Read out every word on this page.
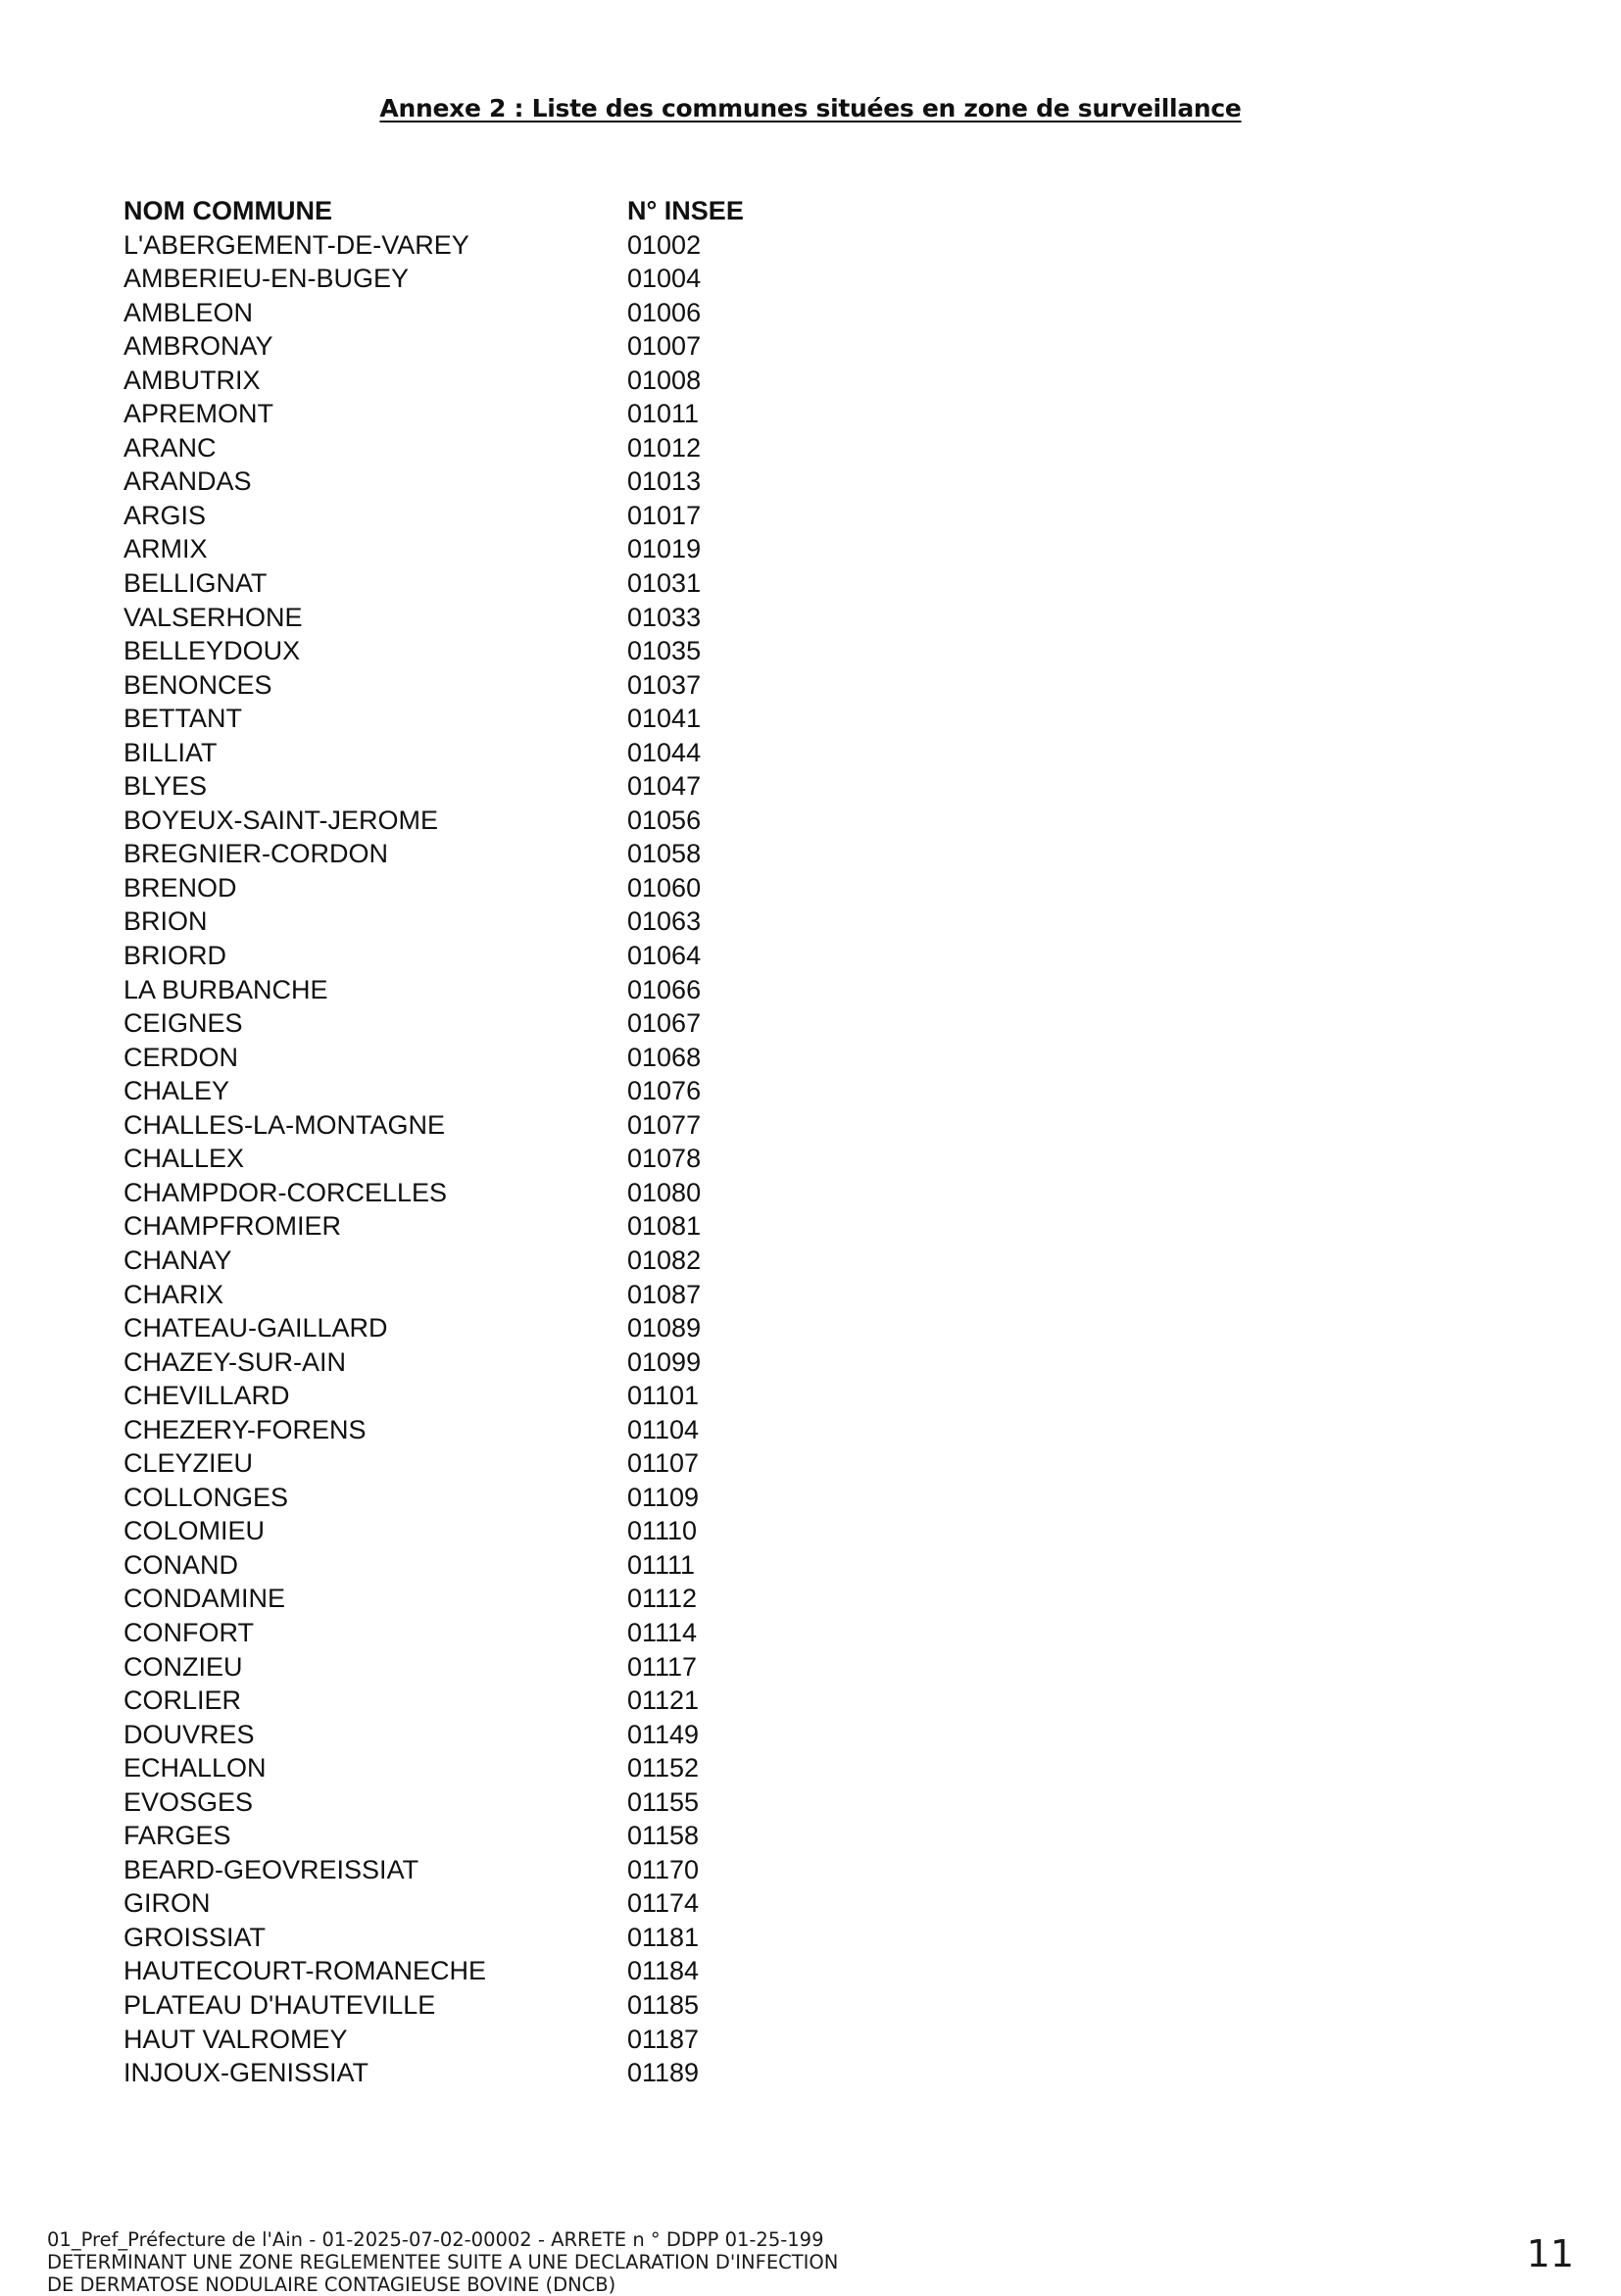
Annexe 2 : Liste des communes situées en zone de surveillance
NOM COMMUNE	N° INSEE
L'ABERGEMENT-DE-VAREY	01002
AMBERIEU-EN-BUGEY	01004
AMBLEON	01006
AMBRONAY	01007
AMBUTRIX	01008
APREMONT	01011
ARANC	01012
ARANDAS	01013
ARGIS	01017
ARMIX	01019
BELLIGNAT	01031
VALSERHONE	01033
BELLEYDOUX	01035
BENONCES	01037
BETTANT	01041
BILLIAT	01044
BLYES	01047
BOYEUX-SAINT-JEROME	01056
BREGNIER-CORDON	01058
BRENOD	01060
BRION	01063
BRIORD	01064
LA BURBANCHE	01066
CEIGNES	01067
CERDON	01068
CHALEY	01076
CHALLES-LA-MONTAGNE	01077
CHALLEX	01078
CHAMPDOR-CORCELLES	01080
CHAMPFROMIER	01081
CHANAY	01082
CHARIX	01087
CHATEAU-GAILLARD	01089
CHAZEY-SUR-AIN	01099
CHEVILLARD	01101
CHEZERY-FORENS	01104
CLEYZIEU	01107
COLLONGES	01109
COLOMIEU	01110
CONAND	01111
CONDAMINE	01112
CONFORT	01114
CONZIEU	01117
CORLIER	01121
DOUVRES	01149
ECHALLON	01152
EVOSGES	01155
FARGES	01158
BEARD-GEOVREISSIAT	01170
GIRON	01174
GROISSIAT	01181
HAUTECOURT-ROMANECHE	01184
PLATEAU D'HAUTEVILLE	01185
HAUT VALROMEY	01187
INJOUX-GENISSIAT	01189
01_Pref_Préfecture de l'Ain - 01-2025-07-02-00002 - ARRETE n ° DDPP 01-25-199
DETERMINANT UNE ZONE REGLEMENTEE SUITE A UNE DECLARATION D'INFECTION
DE DERMATOSE NODULAIRE CONTAGIEUSE BOVINE (DNCB)
11
